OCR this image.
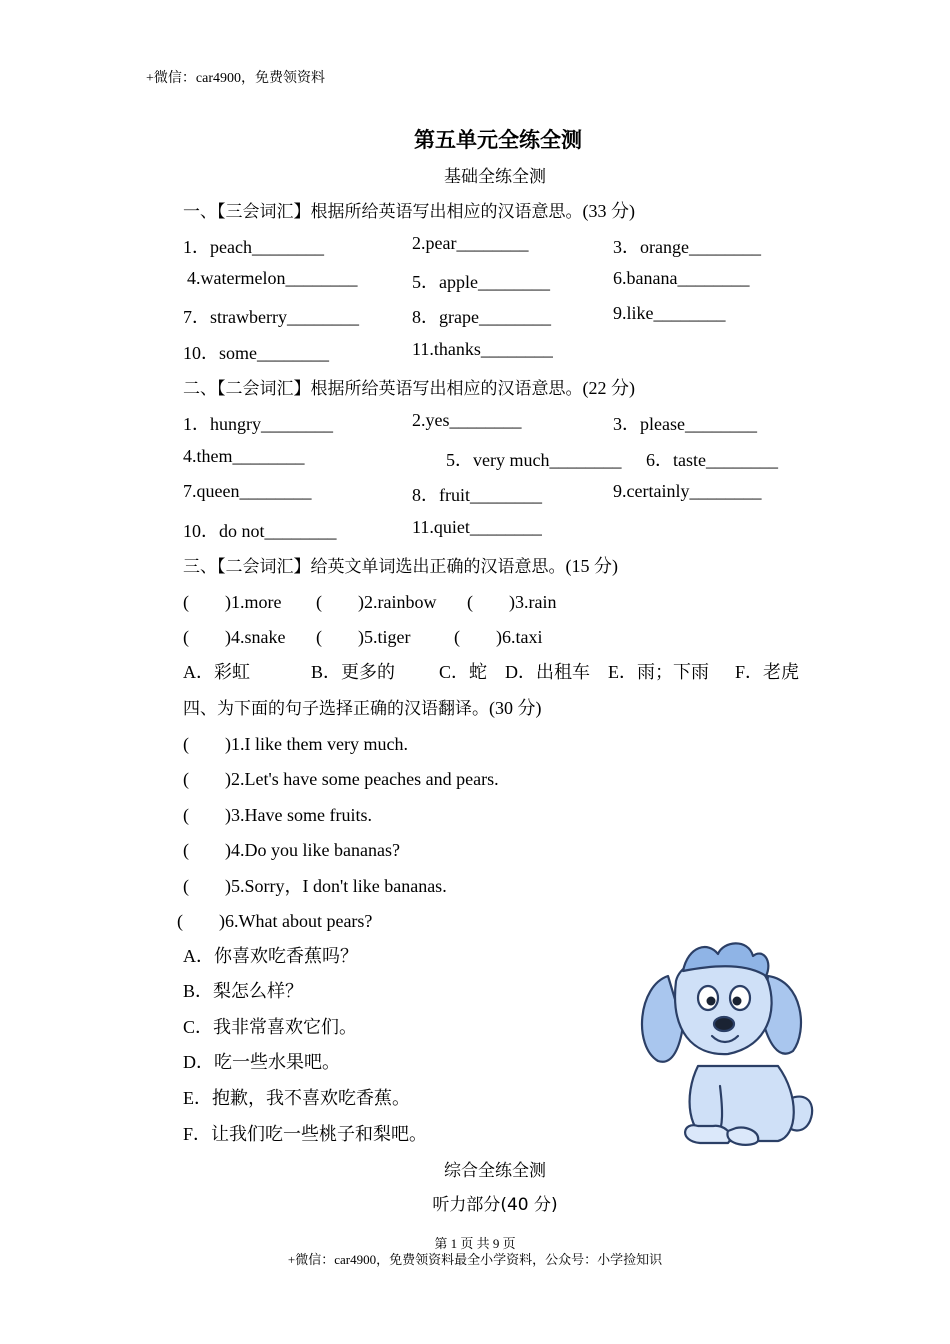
+微信：car4900，免费领资料
第五单元全练全测
基础全练全测
一、【三会词汇】根据所给英语写出相应的汉语意思。(33 分)
1．peach________	2.pear________	3．orange________
4.watermelon________	5．apple________	6.banana________
7．strawberry________	8．grape________	9.like________
10．some________	11.thanks________
二、【二会词汇】根据所给英语写出相应的汉语意思。(22 分)
1．hungry________	2.yes________	3．please________
4.them________	5．very much________ 6．taste________
7.queen________	8．fruit________	9.certainly________
10．do not________	11.quiet________
三、【二会词汇】给英文单词选出正确的汉语意思。(15 分)
(　　)1.more (　　)2.rainbow (　　)3.rain
(　　)4.snake (　　)5.tiger (　　)6.taxi
A．彩虹	B．更多的 C．蛇 D．出租车 E．雨；下雨 F．老虎
四、为下面的句子选择正确的汉语翻译。(30 分)
(　　)1.I like them very much.
(　　)2.Let's have some peaches and pears.
(　　)3.Have some fruits.
(　　)4.Do you like bananas?
(　　)5.Sorry，I don't like bananas.
(　　)6.What about pears?
A．你喜欢吃香蕉吗？
B．梨怎么样？
C．我非常喜欢它们。
D．吃一些水果吧。
E．抱歉，我不喜欢吃香蕉。
F．让我们吃一些桃子和梨吧。
综合全练全测
听力部分(40 分)
第 1 页 共 9 页
+微信：car4900，免费领资料最全小学资料，公众号：小学捡知识
